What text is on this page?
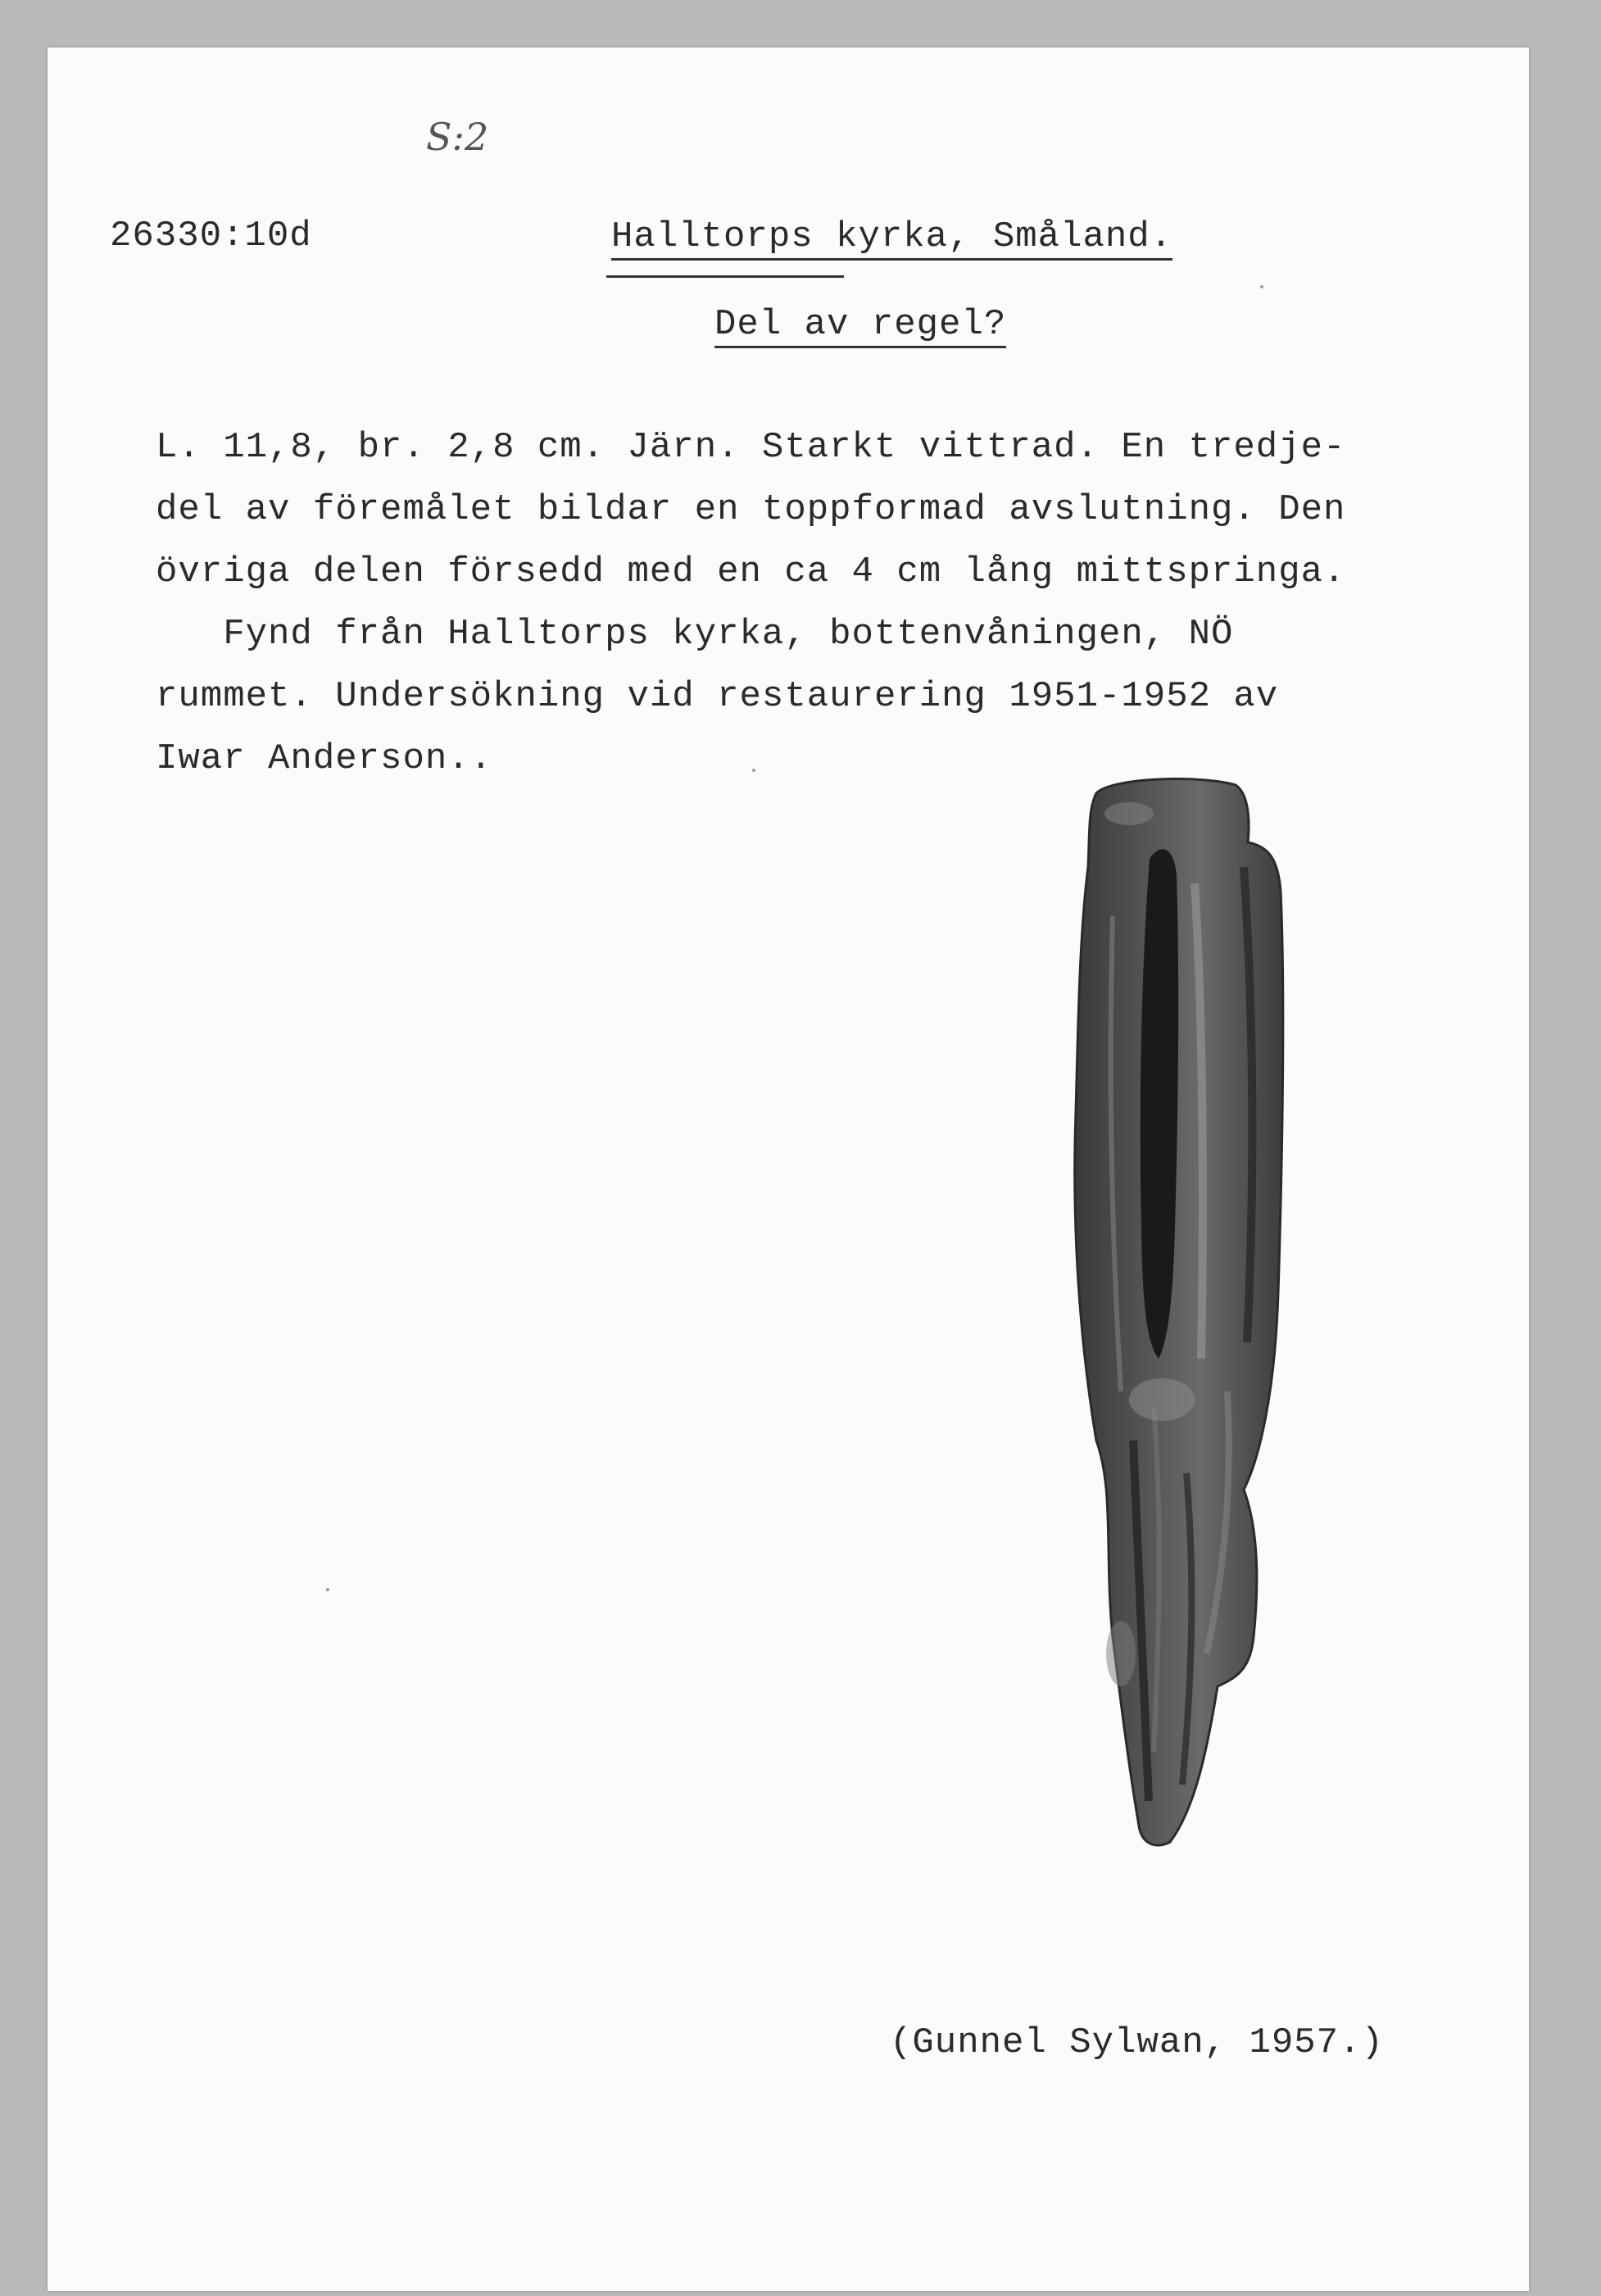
S:2
26330:10d	Halltorps kyrka, Småland.
Del av regel?
L. 11,8, br. 2,8 cm. Järn. Starkt vittrad. En tredje-
del av föremålet bildar en toppformad avslutning. Den
övriga delen försedd med en ca 4 cm lång mittspringa.
Fynd från Halltorps kyrka, bottenvåningen, NÖ
rummet. Undersökning vid restaurering 1951-1952 av
Iwar Anderson..
(Gunnel Sylwan, 1957.)
